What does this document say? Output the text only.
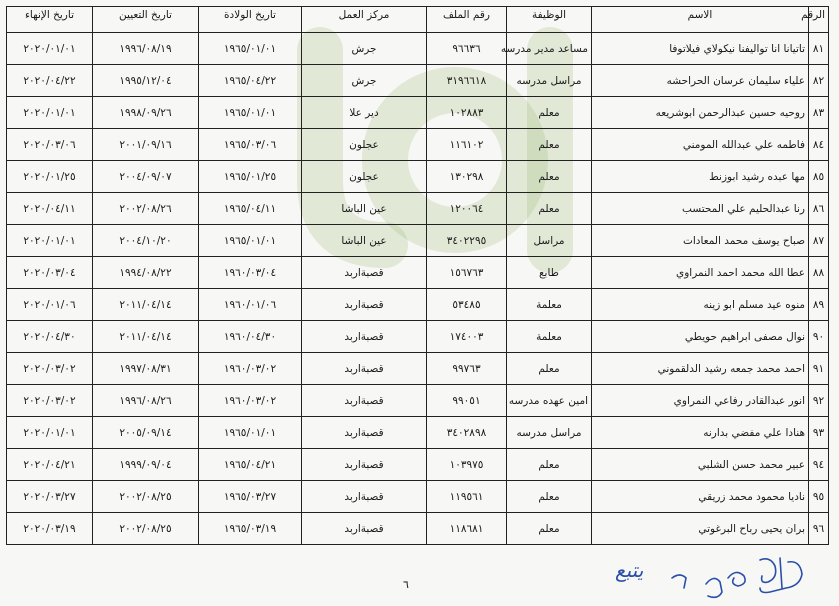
الرقم	الاسم	الوظيفة	رقم الملف	مركز العمل	تاريخ الولادة	تاريخ التعيين	تاريخ الإنهاء
٨١	تاتيانا انا تواليفنا نيكولاي فيلاتوفا	مساعد مدير مدرسه	٩٦٦٣٦	جرش	١٩٦٥/٠١/٠١	١٩٩٦/٠٨/١٩	٢٠٢٠/٠١/٠١
٨٢	علياء سليمان عرسان الحراحشه	مراسل مدرسه	٣١٩٦٦١٨	جرش	١٩٦٥/٠٤/٢٢	١٩٩٥/١٢/٠٤	٢٠٢٠/٠٤/٢٢
٨٣	روحيه حسين عبدالرحمن ابوشريعه	معلم	١٠٢٨٨٣	دير علا	١٩٦٥/٠١/٠١	١٩٩٨/٠٩/٢٦	٢٠٢٠/٠١/٠١
٨٤	فاطمه علي عبدالله المومني	معلم	١١٦١٠٢	عجلون	١٩٦٥/٠٣/٠٦	٢٠٠١/٠٩/١٦	٢٠٢٠/٠٣/٠٦
٨٥	مها عبده رشيد ابوزنط	معلم	١٣٠٢٩٨	عجلون	١٩٦٥/٠١/٢٥	٢٠٠٤/٠٩/٠٧	٢٠٢٠/٠١/٢٥
٨٦	رنا عبدالحليم علي المحتسب	معلم	١٢٠٠٦٤	عين الباشا	١٩٦٥/٠٤/١١	٢٠٠٢/٠٨/٢٦	٢٠٢٠/٠٤/١١
٨٧	صباح يوسف محمد المعادات	مراسل	٣٤٠٢٢٩٥	عين الباشا	١٩٦٥/٠١/٠١	٢٠٠٤/١٠/٢٠	٢٠٢٠/٠١/٠١
٨٨	عطا الله محمد احمد النمراوي	طابع	١٥٦٧٦٣	قصبةاربد	١٩٦٠/٠٣/٠٤	١٩٩٤/٠٨/٢٢	٢٠٢٠/٠٣/٠٤
٨٩	منوه عيد مسلم ابو زينه	معلمة	٥٣٤٨٥	قصبةاربد	١٩٦٠/٠١/٠٦	٢٠١١/٠٤/١٤	٢٠٢٠/٠١/٠٦
٩٠	نوال مصفى ابراهيم حويطي	معلمة	١٧٤٠٠٣	قصبةاربد	١٩٦٠/٠٤/٣٠	٢٠١١/٠٤/١٤	٢٠٢٠/٠٤/٣٠
٩١	احمد محمد جمعه رشيد الدلقموني	معلم	٩٩٧٦٣	قصبةاربد	١٩٦٠/٠٣/٠٢	١٩٩٧/٠٨/٣١	٢٠٢٠/٠٣/٠٢
٩٢	انور عبدالقادر رفاعي النمراوي	امين عهده مدرسه	٩٩٠٥١	قصبةاربد	١٩٦٠/٠٣/٠٢	١٩٩٦/٠٨/٢٦	٢٠٢٠/٠٣/٠٢
٩٣	هنادا علي مفضي بدارنه	مراسل مدرسه	٣٤٠٢٨٩٨	قصبةاربد	١٩٦٥/٠١/٠١	٢٠٠٥/٠٩/١٤	٢٠٢٠/٠١/٠١
٩٤	عبير محمد حسن الشلبي	معلم	١٠٣٩٧٥	قصبةاربد	١٩٦٥/٠٤/٢١	١٩٩٩/٠٩/٠٤	٢٠٢٠/٠٤/٢١
٩٥	ناديا محمود محمد زريقي	معلم	١١٩٥٦١	قصبةاربد	١٩٦٥/٠٣/٢٧	٢٠٠٢/٠٨/٢٥	٢٠٢٠/٠٣/٢٧
٩٦	بران يحيى رباح البرغوتي	معلم	١١٨٦٨١	قصبةاربد	١٩٦٥/٠٣/١٩	٢٠٠٢/٠٨/٢٥	٢٠٢٠/٠٣/١٩
٦
يتبع
